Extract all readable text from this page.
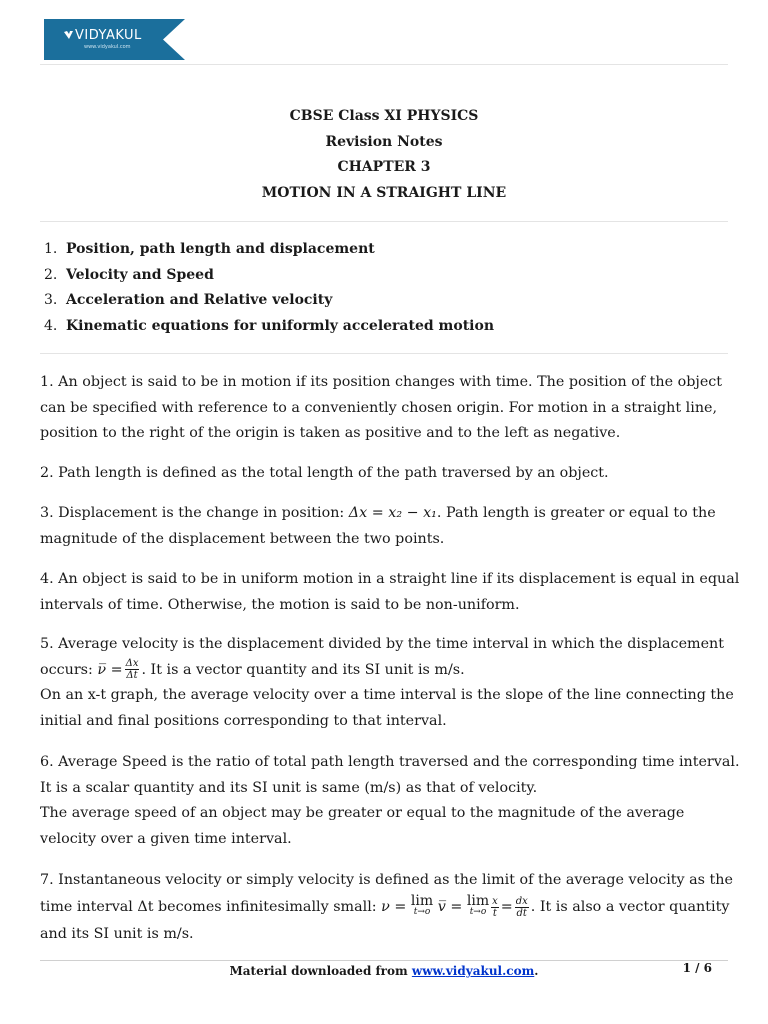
VIDYAKUL
www.vidyakul.com

CBSE Class XI PHYSICS

Revision Notes

CHAPTER 3

MOTION IN A STRAIGHT LINE

1. Position, path length and displacement
2. Velocity and Speed
3. Acceleration and Relative velocity
4. Kinematic equations for uniformly accelerated motion

1. An object is said to be in motion if its position changes with time. The position of the object can be specified with reference to a conveniently chosen origin. For motion in a straight line, position to the right of the origin is taken as positive and to the left as negative.

2. Path length is defined as the total length of the path traversed by an object.

3. Displacement is the change in position: Δx = x₂ − x₁. Path length is greater or equal to the magnitude of the displacement between the two points.

4. An object is said to be in uniform motion in a straight line if its displacement is equal in equal intervals of time. Otherwise, the motion is said to be non-uniform.

5. Average velocity is the displacement divided by the time interval in which the displacement occurs: ν̅ = $\frac{\Delta x}{\Delta t}$ . It is a vector quantity and its SI unit is m/s.
On an x-t graph, the average velocity over a time interval is the slope of the line connecting the initial and final positions corresponding to that interval.

6. Average Speed is the ratio of total path length traversed and the corresponding time interval. It is a scalar quantity and its SI unit is same (m/s) as that of velocity.
The average speed of an object may be greater or equal to the magnitude of the average velocity over a given time interval.

7. Instantaneous velocity or simply velocity is defined as the limit of the average velocity as the time interval Δt becomes infinitesimally small: ν = lim
t→o v̅ = lim
$t\to o \frac{x}{t} = \frac{dx}{dt}$ . It is also a vector quantity and its SI unit is m/s.

Material downloaded from www.vidyakul.com.	1 / 6
